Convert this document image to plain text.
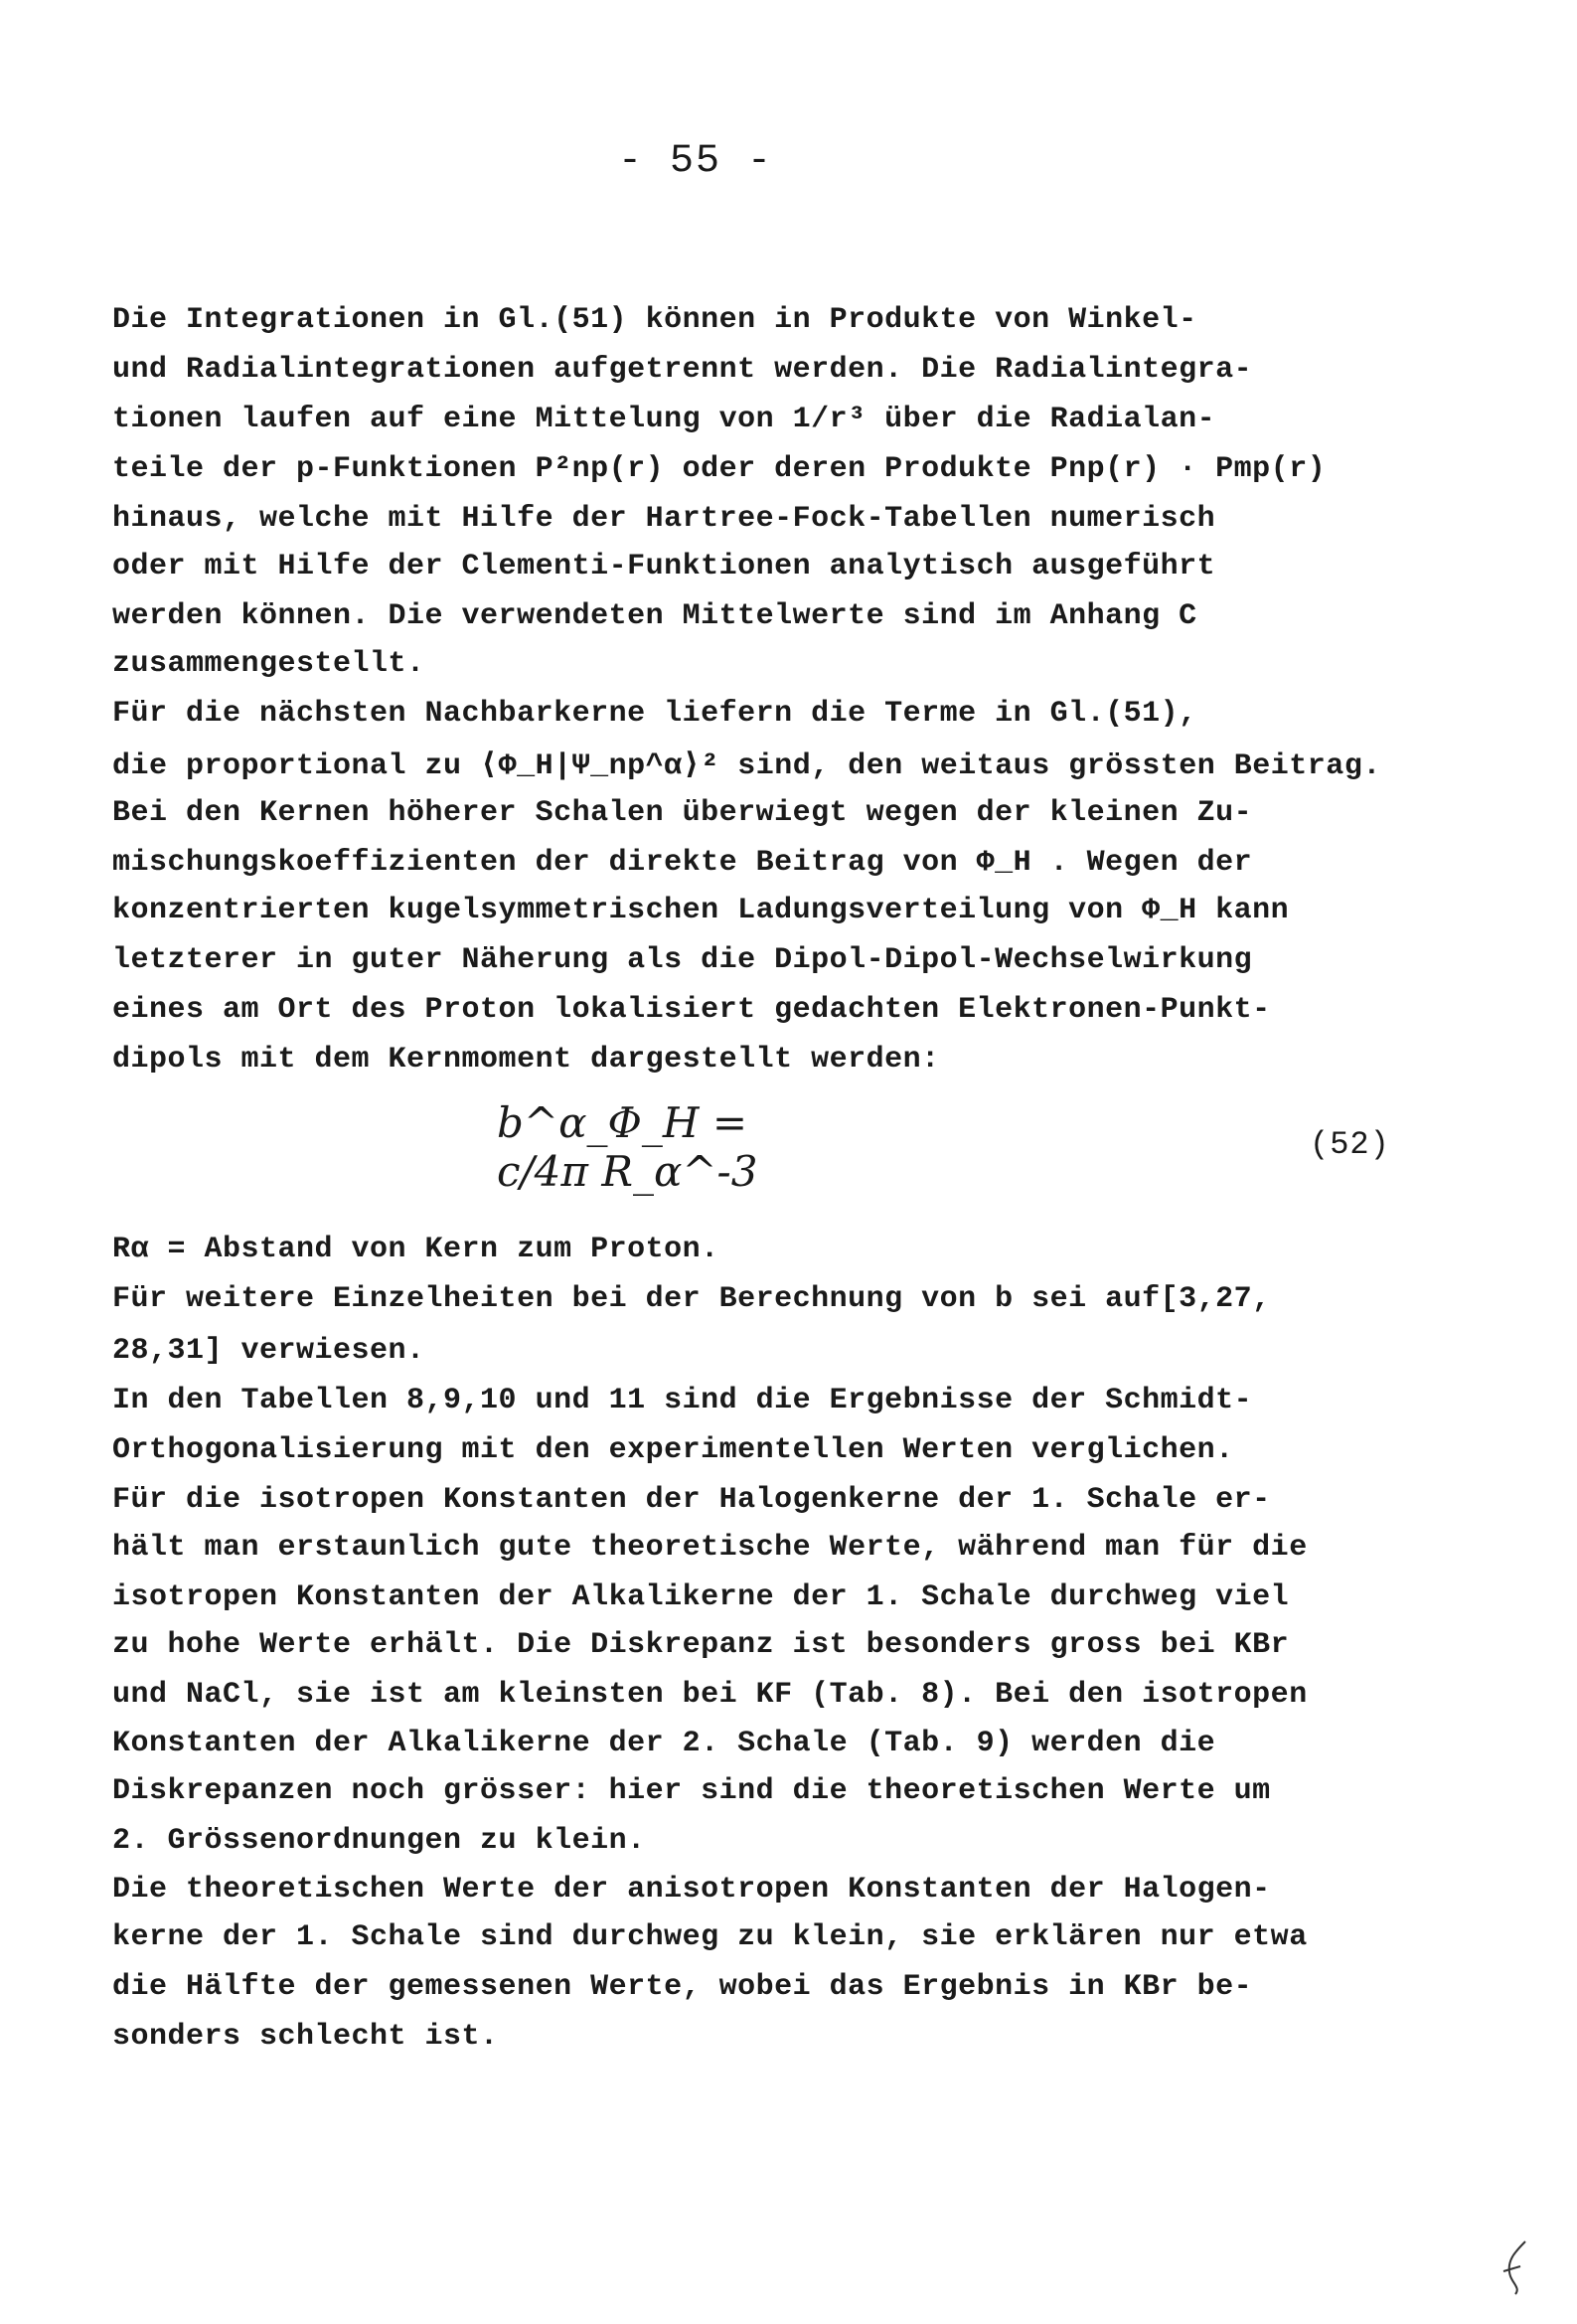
- 55 -
Die Integrationen in Gl.(51) können in Produkte von Winkel-
und Radialintegrationen aufgetrennt werden. Die Radialintegra-
tionen laufen auf eine Mittelung von 1/r³ über die Radialan-
teile der p-Funktionen P²np(r) oder deren Produkte Pnp(r) · Pmp(r)
hinaus, welche mit Hilfe der Hartree-Fock-Tabellen numerisch
oder mit Hilfe der Clementi-Funktionen analytisch ausgeführt
werden können. Die verwendeten Mittelwerte sind im Anhang C
zusammengestellt.
Für die nächsten Nachbarkerne liefern die Terme in Gl.(51),
die proportional zu ⟨Φ_H|Ψ_np^α⟩² sind, den weitaus grössten Beitrag.
Bei den Kernen höherer Schalen überwiegt wegen der kleinen Zu-
mischungskoeffizienten der direkte Beitrag von Φ_H . Wegen der
konzentrierten kugelsymmetrischen Ladungsverteilung von Φ_H kann
letzterer in guter Näherung als die Dipol-Dipol-Wechselwirkung
eines am Ort des Proton lokalisiert gedachten Elektronen-Punkt-
dipols mit dem Kernmoment dargestellt werden:
b^α_Φ_H = c/4π R_α^-3
(52)
Rα = Abstand von Kern zum Proton.
Für weitere Einzelheiten bei der Berechnung von b sei auf[3,27,
28,31] verwiesen.
In den Tabellen 8,9,10 und 11 sind die Ergebnisse der Schmidt-
Orthogonalisierung mit den experimentellen Werten verglichen.
Für die isotropen Konstanten der Halogenkerne der 1. Schale er-
hält man erstaunlich gute theoretische Werte, während man für die
isotropen Konstanten der Alkalikerne der 1. Schale durchweg viel
zu hohe Werte erhält. Die Diskrepanz ist besonders gross bei KBr
und NaCl, sie ist am kleinsten bei KF (Tab. 8). Bei den isotropen
Konstanten der Alkalikerne der 2. Schale (Tab. 9) werden die
Diskrepanzen noch grösser: hier sind die theoretischen Werte um
2. Grössenordnungen zu klein.
Die theoretischen Werte der anisotropen Konstanten der Halogen-
kerne der 1. Schale sind durchweg zu klein, sie erklären nur etwa
die Hälfte der gemessenen Werte, wobei das Ergebnis in KBr be-
sonders schlecht ist.
